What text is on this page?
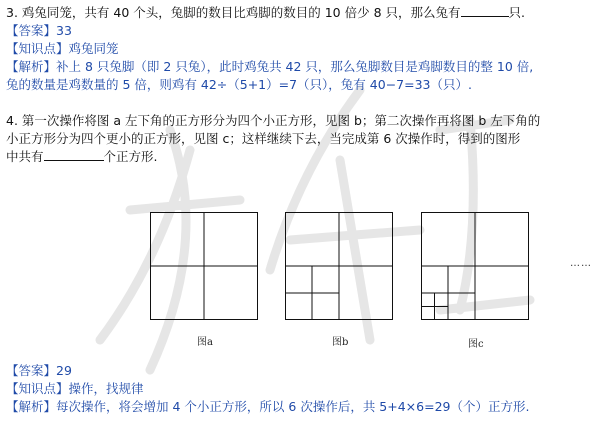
3. 鸡兔同笼，共有 40 个头，兔脚的数目比鸡脚的数目的 10 倍少 8 只，那么兔有	只.
【答案】33
【知识点】鸡兔同笼
【解析】补上 8 只兔脚（即 2 只兔），此时鸡兔共 42 只，那么兔脚数目是鸡脚数目的整 10 倍,
兔的数量是鸡数量的 5 倍，则鸡有 42÷（5+1）=7（只），兔有 40−7=33（只）.
4. 第一次操作将图 a 左下角的正方形分为四个小正方形，见图 b；第二次操作再将图 b 左下角的
小正方形分为四个更小的正方形，见图 c；这样继续下去，当完成第 6 次操作时，得到的图形
中共有	个正方形.
图a	图b	图c
……
【答案】29
【知识点】操作，找规律
【解析】每次操作，将会增加 4 个小正方形，所以 6 次操作后，共 5+4×6=29（个）正方形.
